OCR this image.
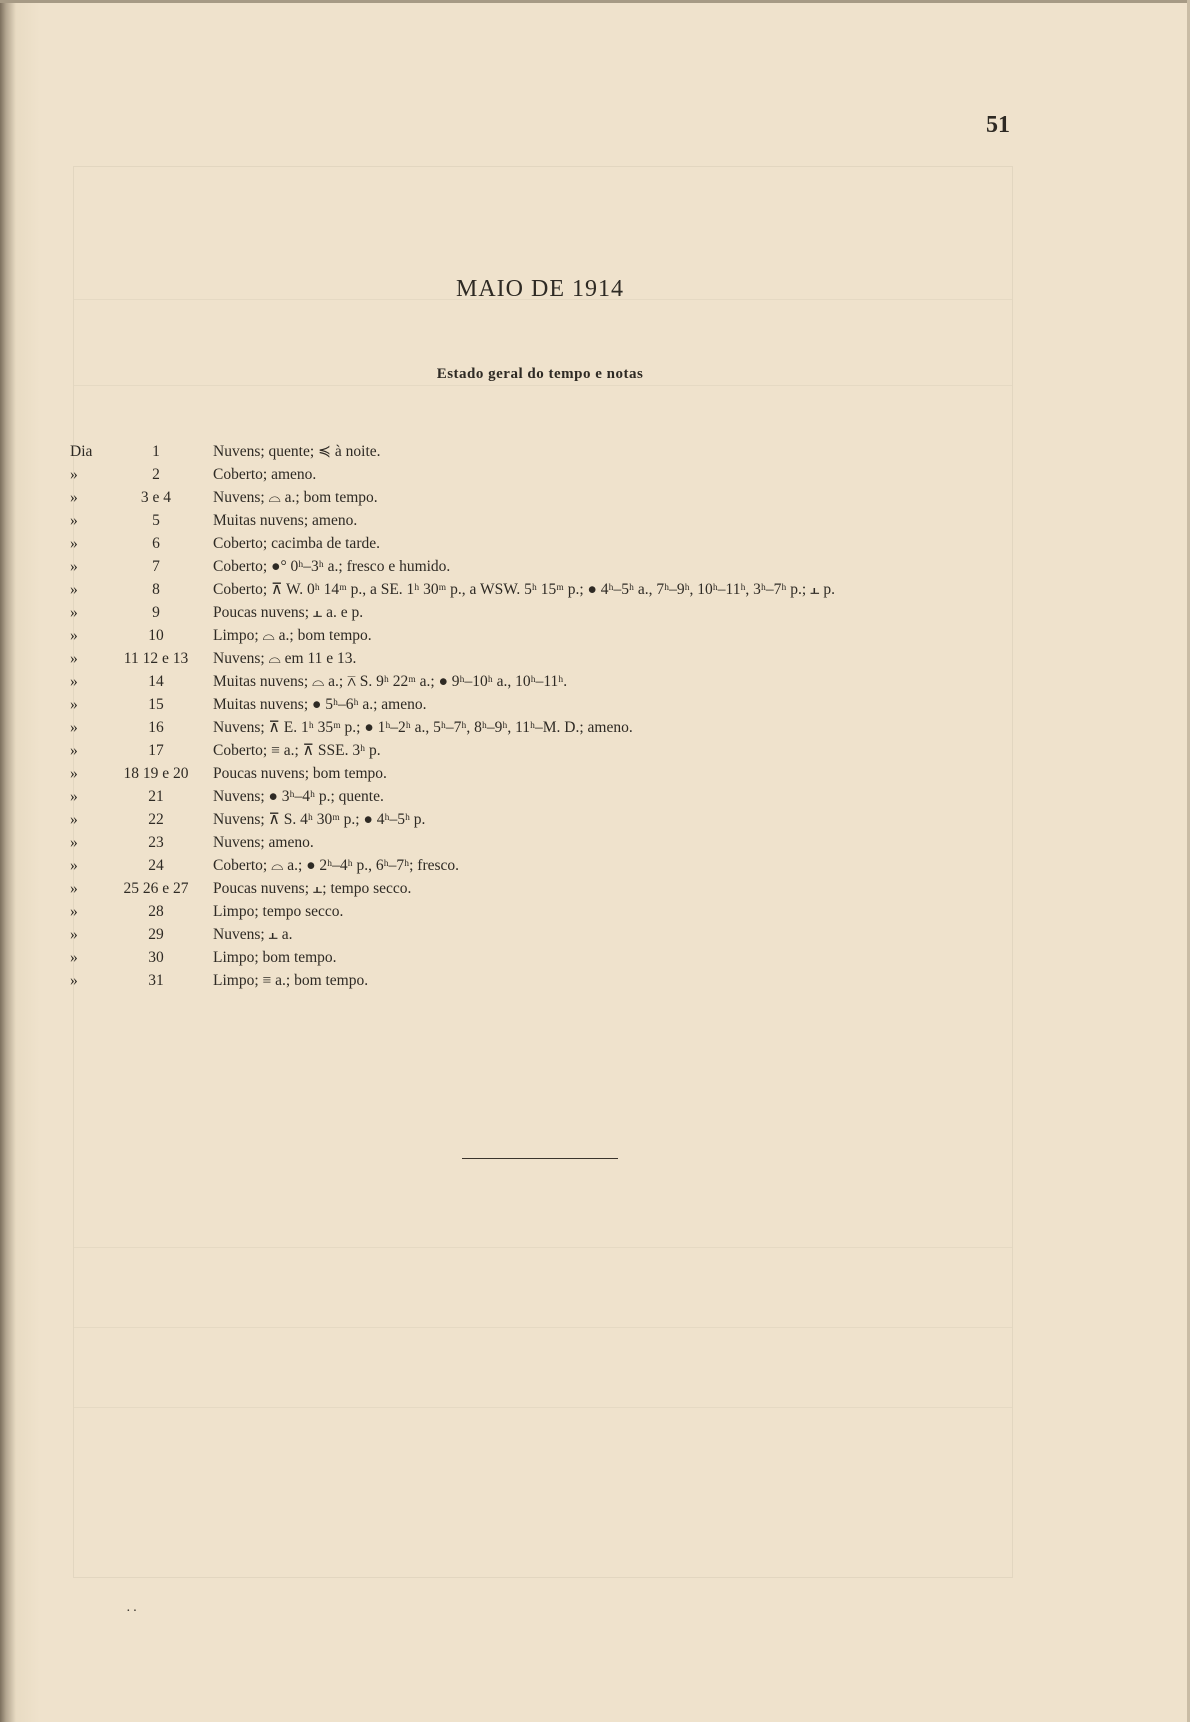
51
MAIO DE 1914
Estado geral do tempo e notas
Dia	1	Nuvens; quente; ≼ à noite.
»	2	Coberto; ameno.
»	3 e 4	Nuvens; ⌓ a.; bom tempo.
»	5	Muitas nuvens; ameno.
»	6	Coberto; cacimba de tarde.
»	7	Coberto; ●° 0ʰ–3ʰ a.; fresco e humido.
»	8	Coberto; ⊼ W. 0ʰ 14ᵐ p., a SE. 1ʰ 30ᵐ p., a WSW. 5ʰ 15ᵐ p.; ● 4ʰ–5ʰ a., 7ʰ–9ʰ, 10ʰ–11ʰ, 3ʰ–7ʰ p.; ⫠ p.
»	9	Poucas nuvens; ⫠ a. e p.
»	10	Limpo; ⌓ a.; bom tempo.
»	11 12 e 13	Nuvens; ⌓ em 11 e 13.
»	14	Muitas nuvens; ⌓ a.; ⊼ S. 9ʰ 22ᵐ a.; ● 9ʰ–10ʰ a., 10ʰ–11ʰ.
»	15	Muitas nuvens; ● 5ʰ–6ʰ a.; ameno.
»	16	Nuvens; ⊼ E. 1ʰ 35ᵐ p.; ● 1ʰ–2ʰ a., 5ʰ–7ʰ, 8ʰ–9ʰ, 11ʰ–M. D.; ameno.
»	17	Coberto; ≡ a.; ⊼ SSE. 3ʰ p.
»	18 19 e 20	Poucas nuvens; bom tempo.
»	21	Nuvens; ● 3ʰ–4ʰ p.; quente.
»	22	Nuvens; ⊼ S. 4ʰ 30ᵐ p.; ● 4ʰ–5ʰ p.
»	23	Nuvens; ameno.
»	24	Coberto; ⌓ a.; ● 2ʰ–4ʰ p., 6ʰ–7ʰ; fresco.
»	25 26 e 27	Poucas nuvens; ⫠; tempo secco.
»	28	Limpo; tempo secco.
»	29	Nuvens; ⫠ a.
»	30	Limpo; bom tempo.
»	31	Limpo; ≡ a.; bom tempo.
··
